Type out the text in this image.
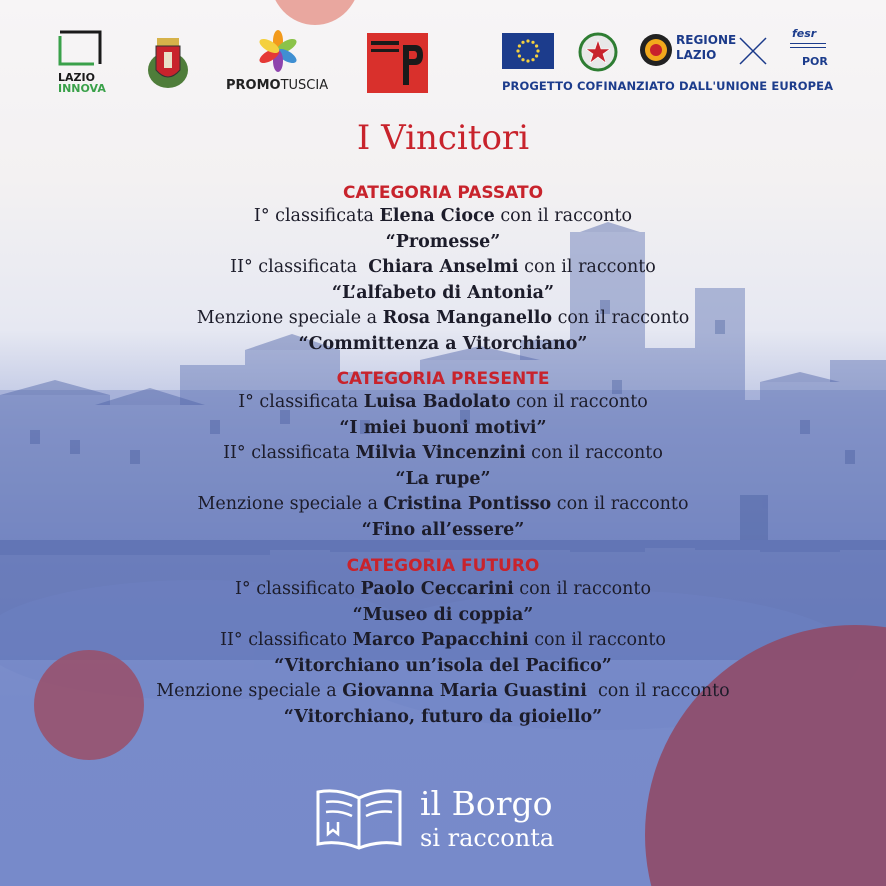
LAZIO
INNOVA	PROMOTUSCIA
REGIONE
LAZIO
fesr
POR
PROGETTO COFINANZIATO DALL'UNIONE EUROPEA
I Vincitori
CATEGORIA PASSATO
I° classificata Elena Cioce con il racconto
“Promesse”
II° classificata  Chiara Anselmi con il racconto
“L’alfabeto di Antonia”
Menzione speciale a Rosa Manganello con il racconto
“Committenza a Vitorchiano”
CATEGORIA PRESENTE
I° classificata Luisa Badolato con il racconto
“I miei buoni motivi”
II° classificata Milvia Vincenzini con il racconto
“La rupe”
Menzione speciale a Cristina Pontisso con il racconto
“Fino all’essere”
CATEGORIA FUTURO
I° classificato Paolo Ceccarini con il racconto
“Museo di coppia”
II° classificato Marco Papacchini con il racconto
“Vitorchiano un’isola del Pacifico”
Menzione speciale a Giovanna Maria Guastini  con il racconto
“Vitorchiano, futuro da gioiello”
il Borgo
si racconta
